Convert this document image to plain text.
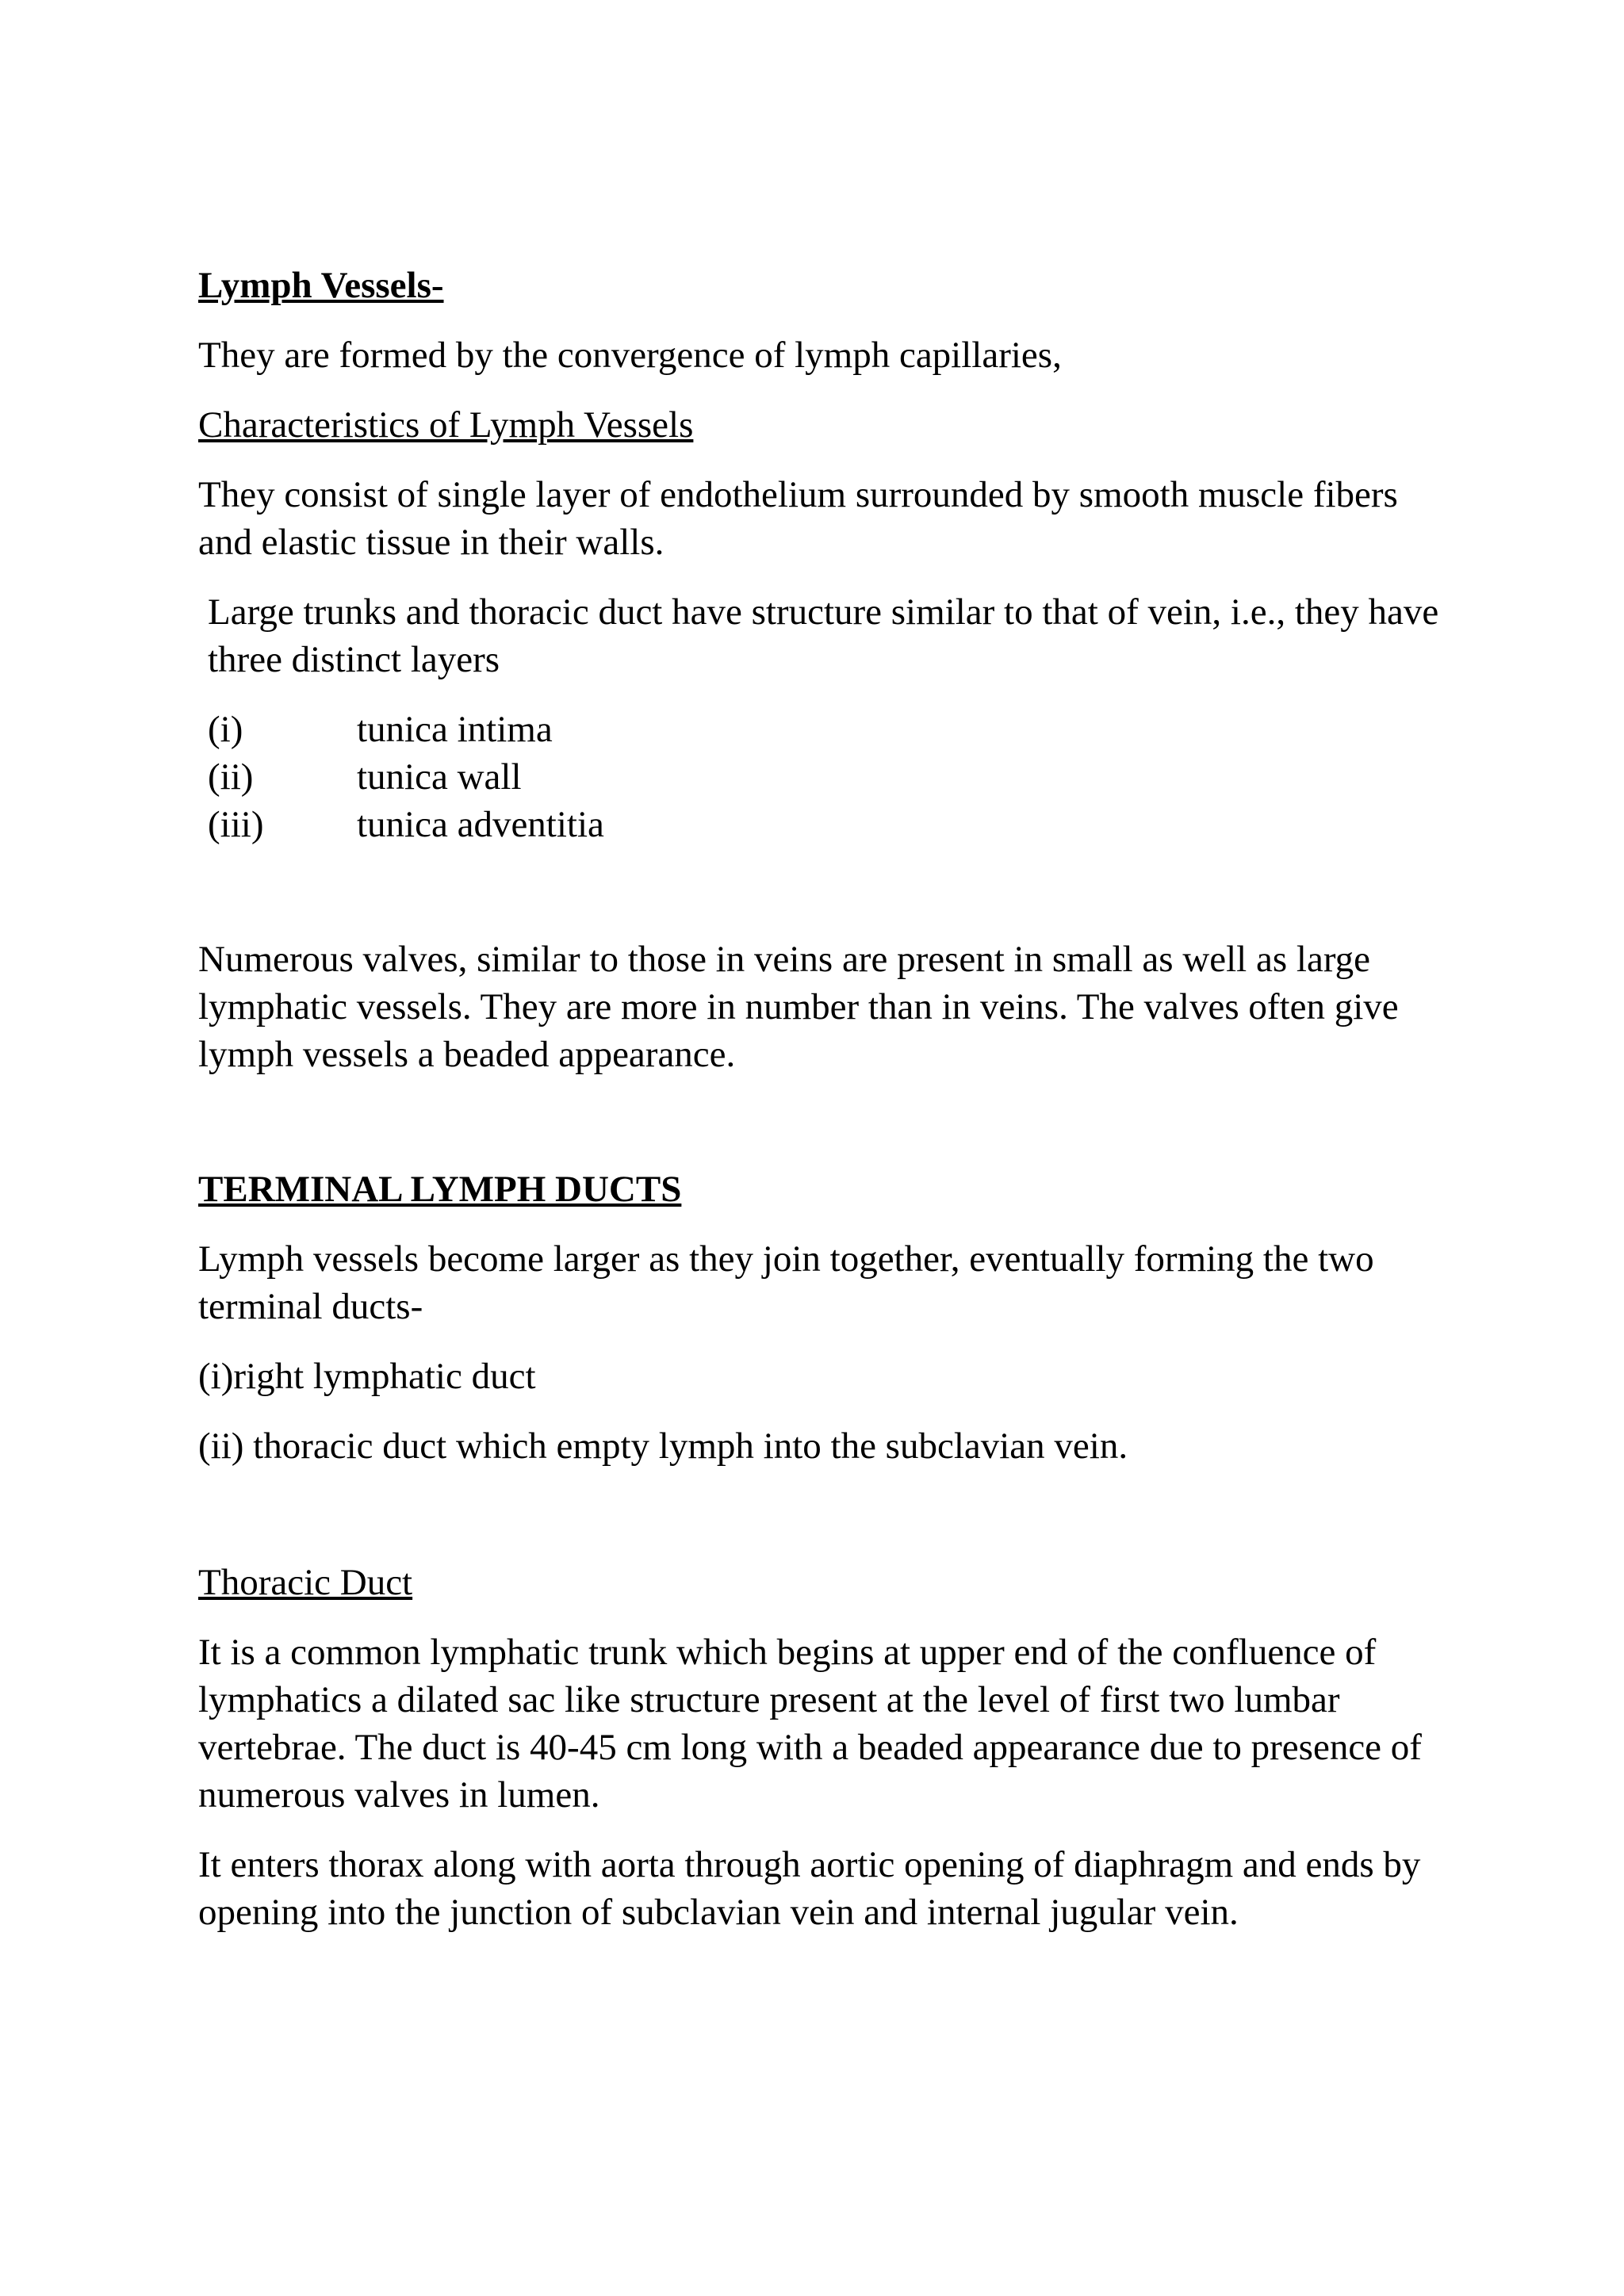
Lymph Vessels-

They are formed by the convergence of lymph capillaries,

Characteristics of Lymph Vessels

They consist of single layer of endothelium surrounded by smooth muscle fibers and elastic tissue in their walls.

Large trunks and thoracic duct have structure similar to that of vein, i.e., they have three distinct layers

(i)	tunica intima
(ii)	tunica wall
(iii)	tunica adventitia

Numerous valves, similar to those in veins are present in small as well as large lymphatic vessels. They are more in number than in veins. The valves often give lymph vessels a beaded appearance.

TERMINAL LYMPH DUCTS

Lymph vessels become larger as they join together, eventually forming the two terminal ducts-

(i)right lymphatic duct

(ii) thoracic duct which empty lymph into the subclavian vein.

Thoracic Duct

It is a common lymphatic trunk which begins at upper end of the confluence of lymphatics a dilated sac like structure present at the level of first two lumbar vertebrae. The duct is 40-45 cm long with a beaded appearance due to presence of numerous valves in lumen.

It enters thorax along with aorta through aortic opening of diaphragm and ends by opening into the junction of subclavian vein and internal jugular vein.
